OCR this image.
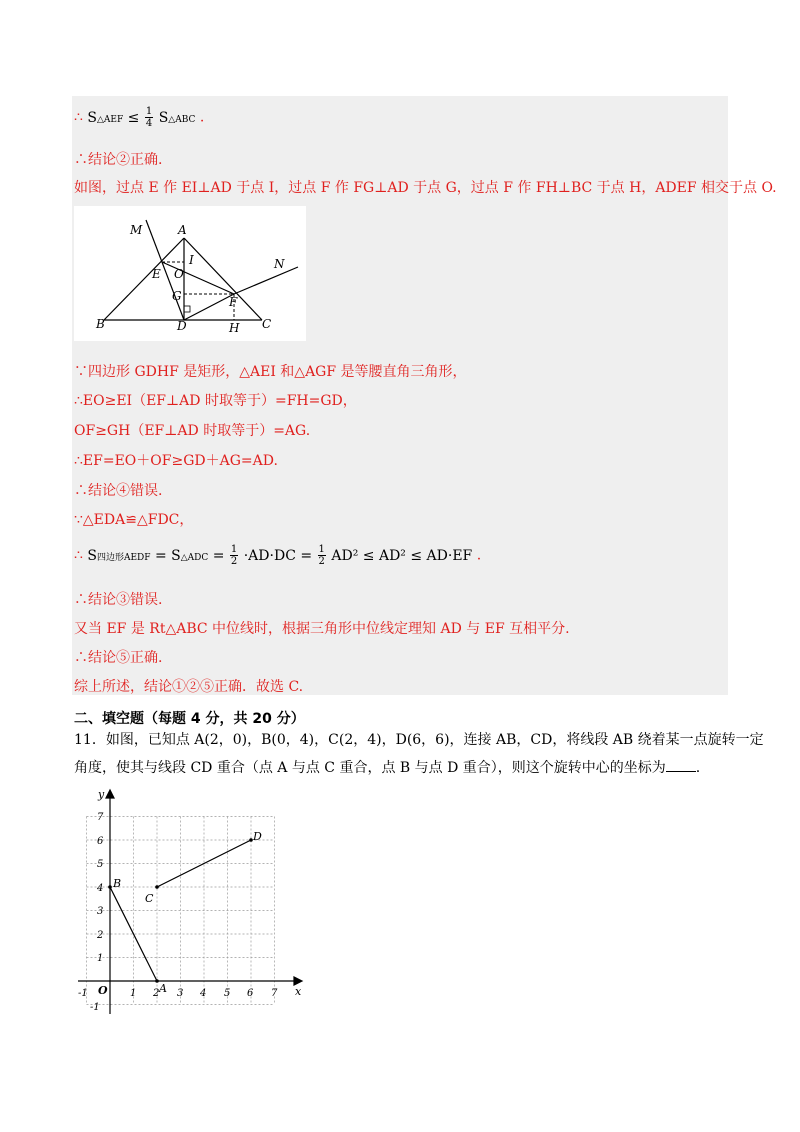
∴ S△AEF ≤ $\frac{1}{4}$ S△ABC .
∴结论②正确.
如图，过点 E 作 EI⊥AD 于点 I，过点 F 作 FG⊥AD 于点 G，过点 F 作 FH⊥BC 于点 H，ADEF 相交于点 O.
M
N
A
B	C
D
E
F
G
H
I
O
∵四边形 GDHF 是矩形，△AEI 和△AGF 是等腰直角三角形，
∴EO≥EI（EF⊥AD 时取等于）=FH=GD，
OF≥GH（EF⊥AD 时取等于）=AG.
∴EF=EO＋OF≥GD＋AG=AD.
∴结论④错误.
∵△EDA≌△FDC，
∴ S四边形AEDF = S△ADC = $\frac{1}{2} \cdot AD\cdot DC = \frac{1}{2} AD^2 \le AD^2 \le AD\cdot EF$ .
∴结论③错误.
又当 EF 是 Rt△ABC 中位线时，根据三角形中位线定理知 AD 与 EF 互相平分.
∴结论⑤正确.
综上所述，结论①②⑤正确．故选 C.
二、填空题（每题 4 分，共 20 分）
11．如图，已知点 A(2，0)，B(0，4)，C(2，4)，D(6，6)，连接 AB，CD，将线段 AB 绕着某一点旋转一定
角度，使其与线段 CD 重合（点 A 与点 C 重合，点 B 与点 D 重合），则这个旋转中心的坐标为 .
y
x
O	A
B
C
D
-1	1 2 3 4 5 6 7
-1
1
2
3
4
5
6
7
